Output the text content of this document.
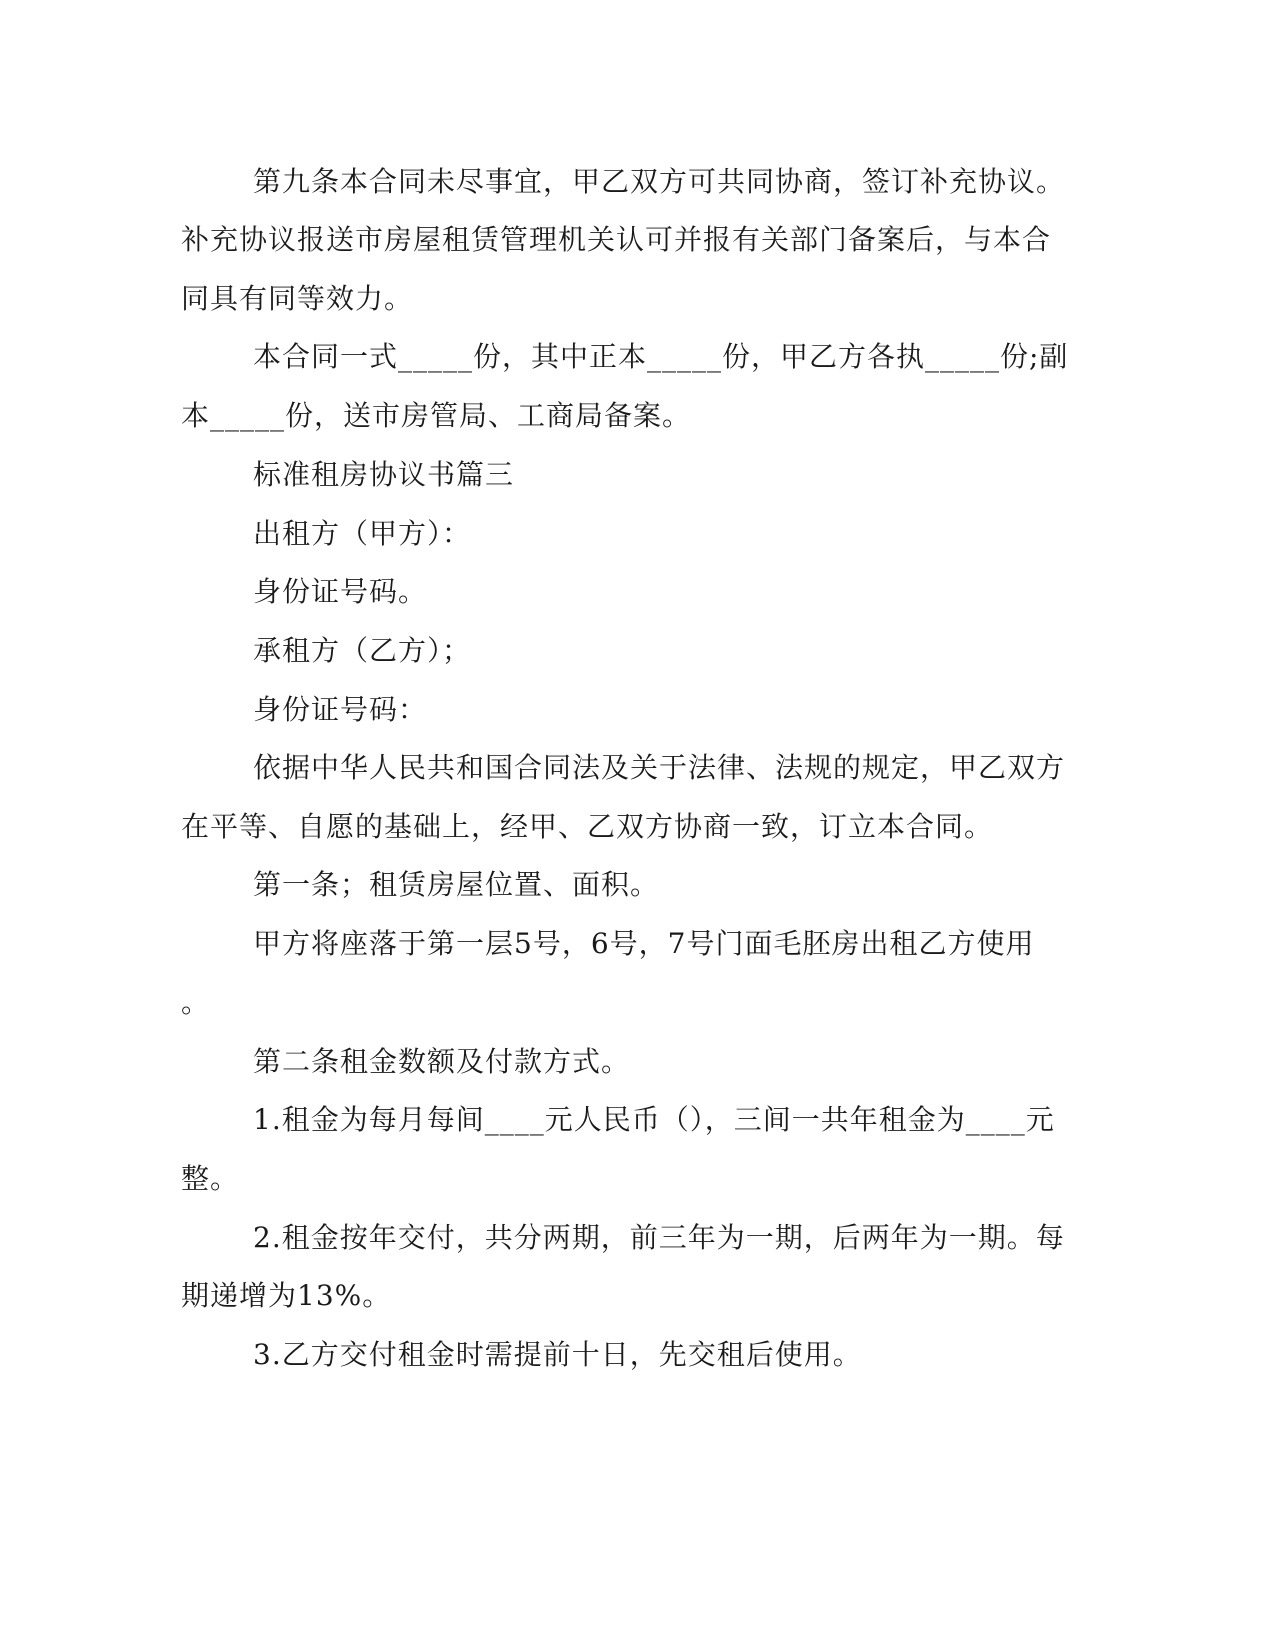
第九条本合同未尽事宜，甲乙双方可共同协商，签订补充协议。

补充协议报送市房屋租赁管理机关认可并报有关部门备案后，与本合

同具有同等效力。

本合同一式_____份，其中正本_____份，甲乙方各执_____份;副

本_____份，送市房管局、工商局备案。

标准租房协议书篇三

出租方（甲方）：

身份证号码。

承租方（乙方）；

身份证号码：

依据中华人民共和国合同法及关于法律、法规的规定，甲乙双方

在平等、自愿的基础上，经甲、乙双方协商一致，订立本合同。

第一条；租赁房屋位置、面积。

甲方将座落于第一层5号，6号，7号门面毛胚房出租乙方使用

。

第二条租金数额及付款方式。

1.租金为每月每间____元人民币（），三间一共年租金为____元

整。

2.租金按年交付，共分两期，前三年为一期，后两年为一期。每

期递增为13%。

3.乙方交付租金时需提前十日，先交租后使用。
